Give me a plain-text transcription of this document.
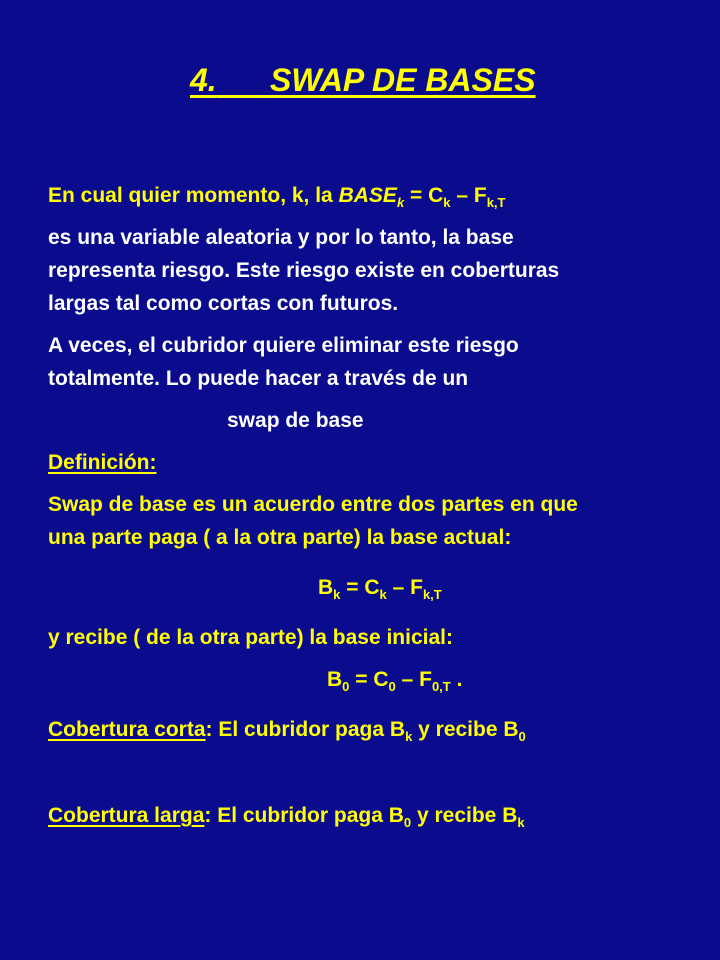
4. SWAP DE BASES
En cual quier momento, k, la $BASE_k = C_k - F_{k,T}$
es una variable aleatoria y por lo tanto, la base
representa riesgo. Este riesgo existe en coberturas
largas tal como cortas con futuros.
A veces, el cubridor quiere eliminar este riesgo
totalmente. Lo puede hacer a través de un
swap de base
Definición:
Swap de base es un acuerdo entre dos partes en que
una parte paga ( a la otra parte) la base actual:
$B_k = C_k - F_{k,T}$
y recibe ( de la otra parte) la base inicial:
$B_0 = C_0 - F_{0,T}$ .
Cobertura corta: El cubridor paga $B_k$ y recibe $B_0$
Cobertura larga: El cubridor paga $B_0$ y recibe $B_k$
